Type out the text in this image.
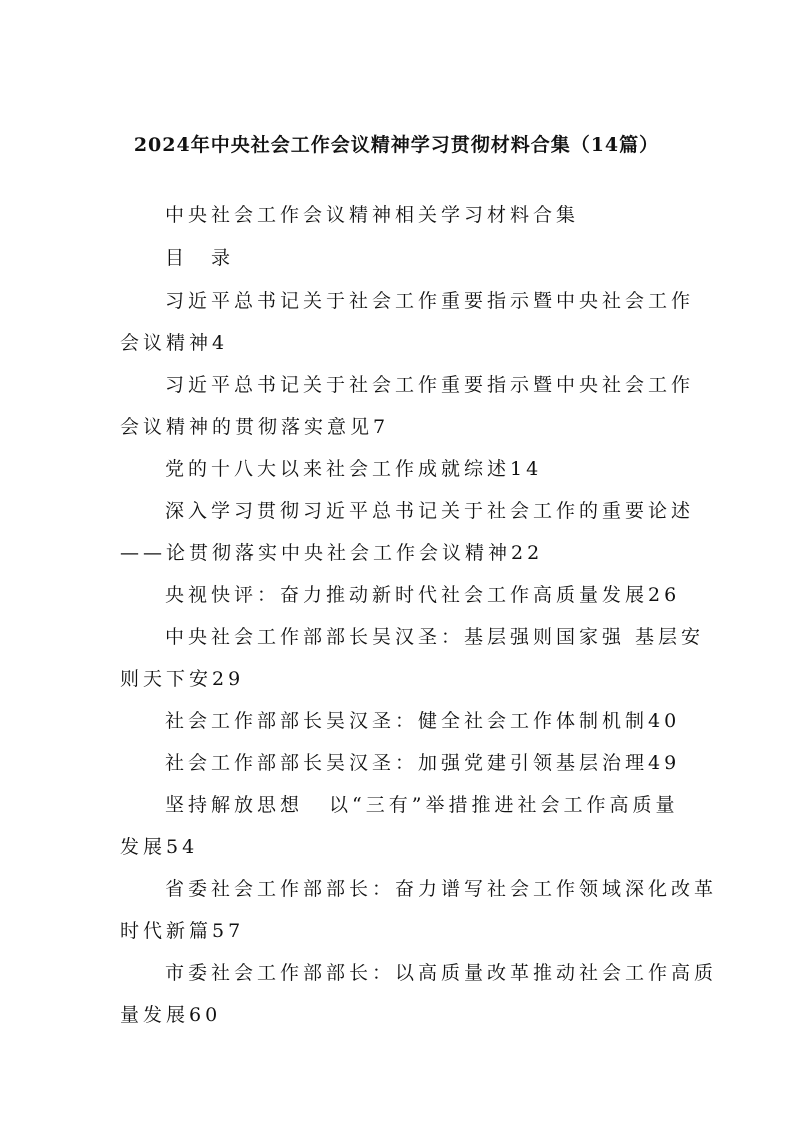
2024年中央社会工作会议精神学习贯彻材料合集（14篇）
中央社会工作会议精神相关学习材料合集
目　录
习近平总书记关于社会工作重要指示暨中央社会工作
会议精神4
习近平总书记关于社会工作重要指示暨中央社会工作
会议精神的贯彻落实意见7
党的十八大以来社会工作成就综述14
深入学习贯彻习近平总书记关于社会工作的重要论述
——论贯彻落实中央社会工作会议精神22
央视快评：奋力推动新时代社会工作高质量发展26
中央社会工作部部长吴汉圣：基层强则国家强 基层安
则天下安29
社会工作部部长吴汉圣：健全社会工作体制机制40
社会工作部部长吴汉圣：加强党建引领基层治理49
坚持解放思想 以“三有”举措推进社会工作高质量
发展54
省委社会工作部部长：奋力谱写社会工作领域深化改革
时代新篇57
市委社会工作部部长：以高质量改革推动社会工作高质
量发展60
